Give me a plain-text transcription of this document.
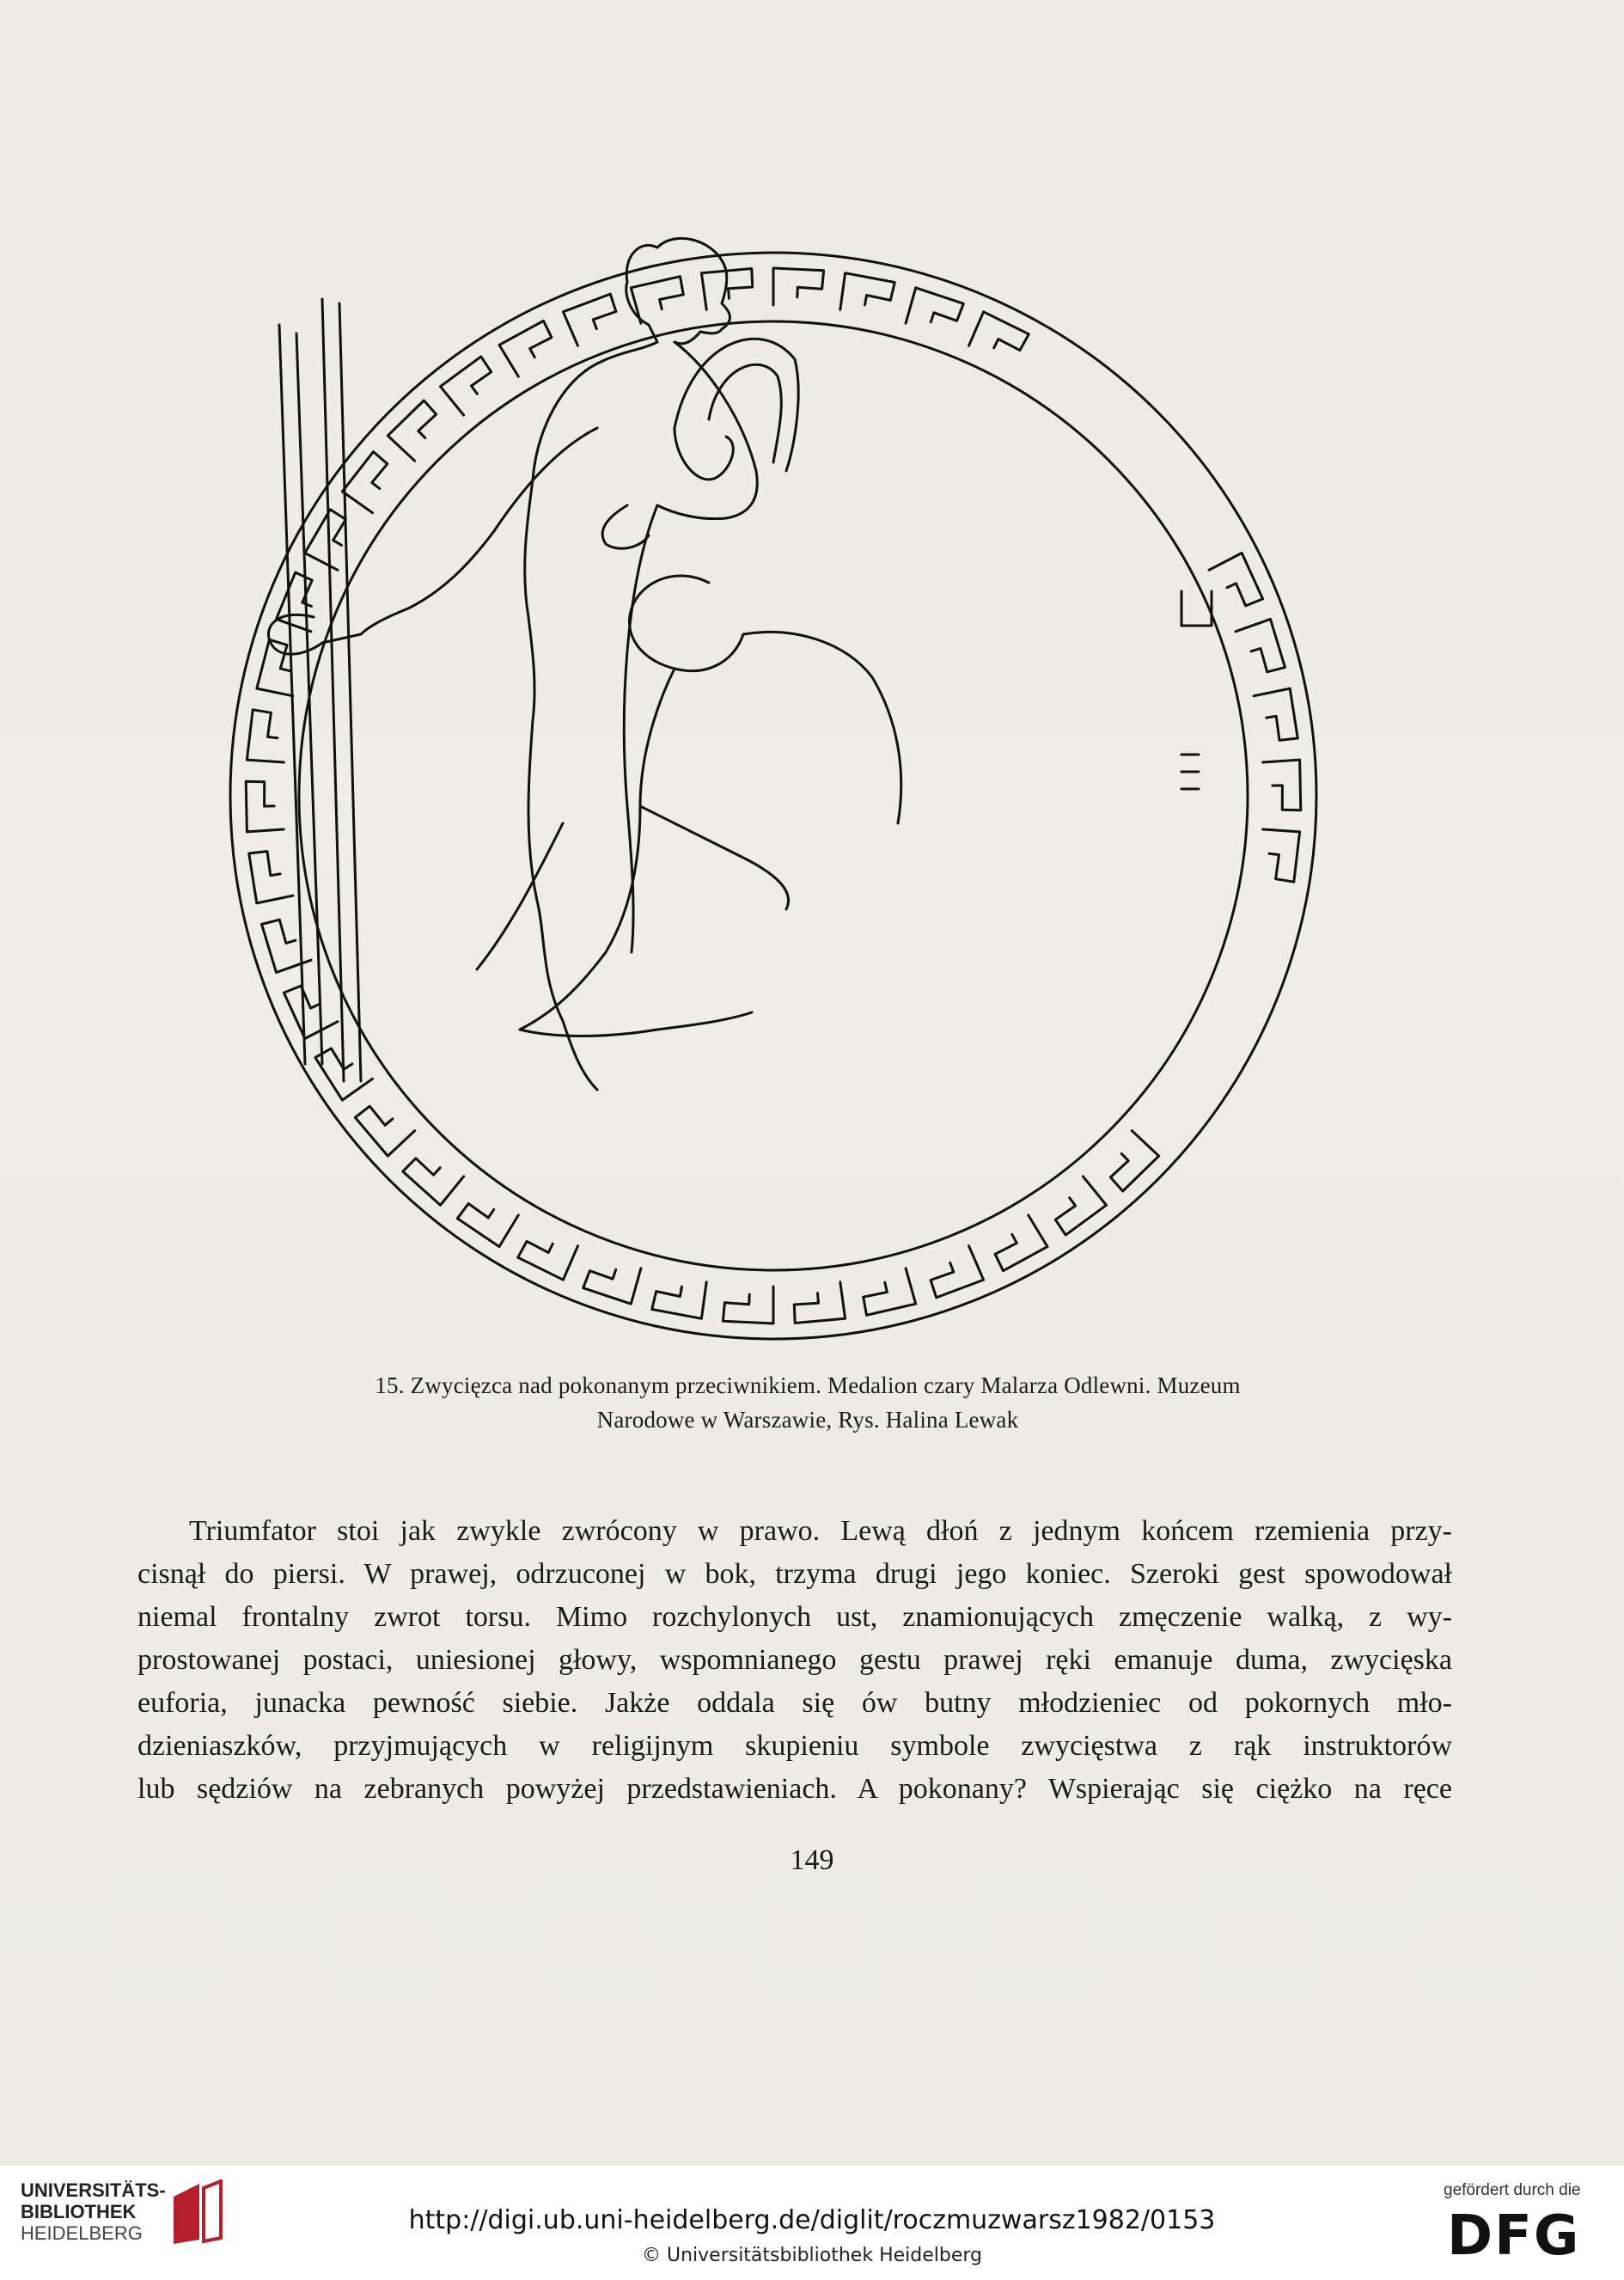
15. Zwycięzca nad pokonanym przeciwnikiem. Medalion czary Malarza Odlewni. Muzeum
Narodowe w Warszawie, Rys. Halina Lewak
Triumfator stoi jak zwykle zwrócony w prawo. Lewą dłoń z jednym końcem rzemienia przy-
cisnął do piersi. W prawej, odrzuconej w bok, trzyma drugi jego koniec. Szeroki gest spowodował
niemal frontalny zwrot torsu. Mimo rozchylonych ust, znamionujących zmęczenie walką, z wy-
prostowanej postaci, uniesionej głowy, wspomnianego gestu prawej ręki emanuje duma, zwycięska
euforia, junacka pewność siebie. Jakże oddala się ów butny młodzieniec od pokornych mło-
dzieniaszków, przyjmujących w religijnym skupieniu symbole zwycięstwa z rąk instruktorów
lub sędziów na zebranych powyżej przedstawieniach. A pokonany? Wspierając się ciężko na ręce
149
UNIVERSITÄTS-
BIBLIOTHEK
HEIDELBERG	http://digi.ub.uni-heidelberg.de/diglit/roczmuzwarsz1982/0153
© Universitätsbibliothek Heidelberg
gefördert durch die
DFG
